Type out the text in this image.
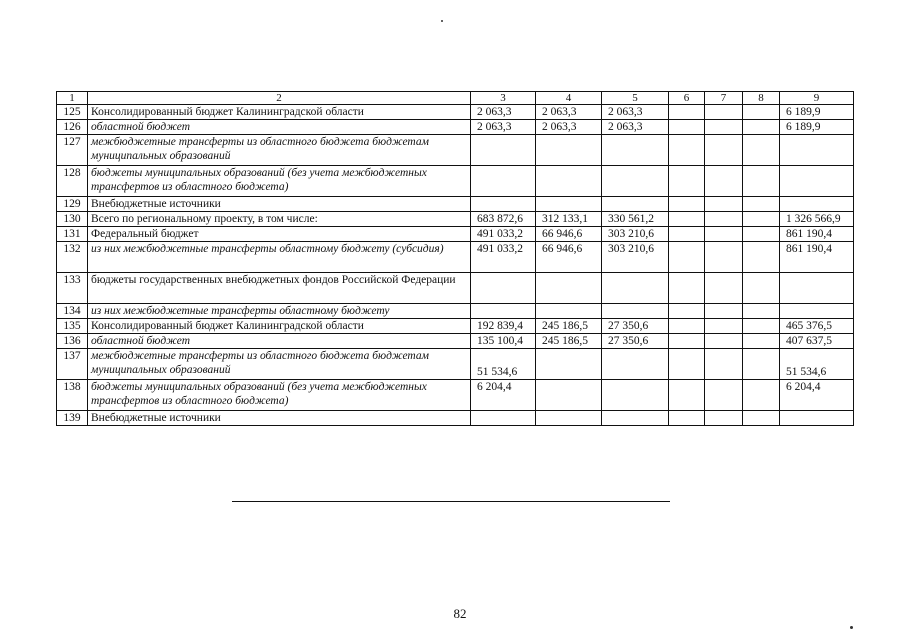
1	2	3	4	5	6	7	8	9
125	Консолидированный бюджет Калининградской области	2 063,3	2 063,3	2 063,3				6 189,9
126	областной бюджет	2 063,3	2 063,3	2 063,3				6 189,9
127	межбюджетные трансферты из областного бюджета бюджетам муниципальных образований							
128	бюджеты муниципальных образований (без учета межбюджетных трансфертов из областного бюджета)							
129	Внебюджетные источники							
130	Всего по региональному проекту, в том числе:	683 872,6	312 133,1	330 561,2				1 326 566,9
131	Федеральный бюджет	491 033,2	66 946,6	303 210,6				861 190,4
132	из них межбюджетные трансферты областному бюджету (субсидия)	491 033,2	66 946,6	303 210,6				861 190,4
133	бюджеты государственных внебюджетных фондов Российской Федерации							
134	из них межбюджетные трансферты областному бюджету							
135	Консолидированный бюджет Калининградской области	192 839,4	245 186,5	27 350,6				465 376,5
136	областной бюджет	135 100,4	245 186,5	27 350,6				407 637,5
137	межбюджетные трансферты из областного бюджета бюджетам муниципальных образований	51 534,6						51 534,6
138	бюджеты муниципальных образований (без учета межбюджетных трансфертов из областного бюджета)	6 204,4						6 204,4
139	Внебюджетные источники							
82
